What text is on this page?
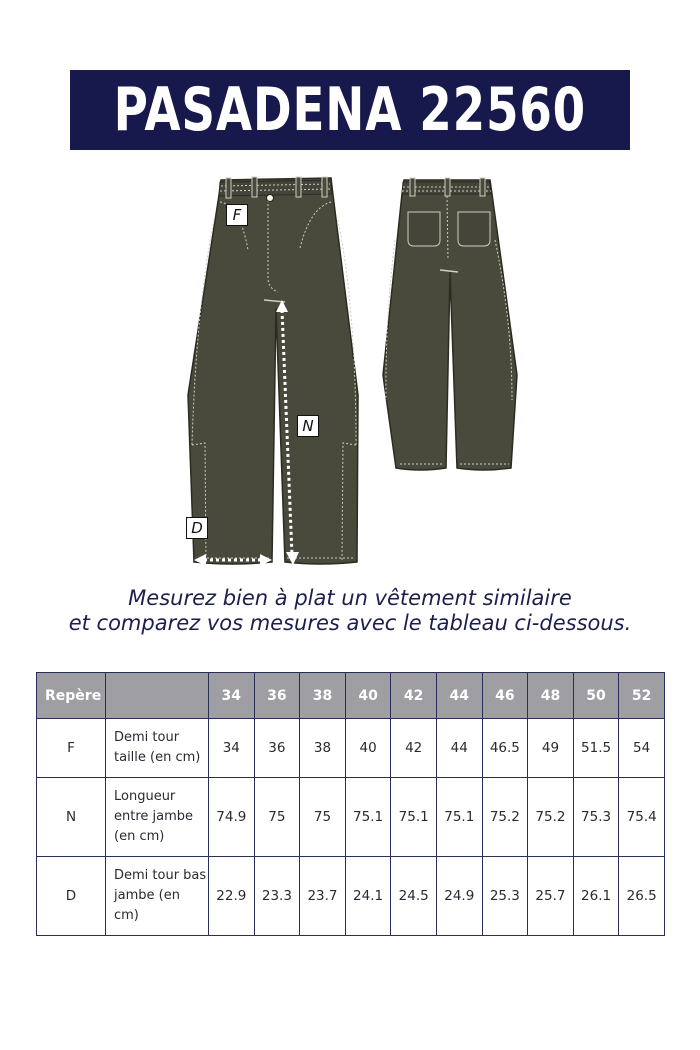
PASADENA 22560
F
N
D
Mesurez bien à plat un vêtement similaire
et comparez vos mesures avec le tableau ci-dessous.
Repère		34	36	38	40	42	44	46	48	50	52
F	Demi tour taille (en cm)	34	36	38	40	42	44	46.5	49	51.5	54
N	Longueur entre jambe (en cm)	74.9	75	75	75.1	75.1	75.1	75.2	75.2	75.3	75.4
D	Demi tour bas jambe (en cm)	22.9	23.3	23.7	24.1	24.5	24.9	25.3	25.7	26.1	26.5
